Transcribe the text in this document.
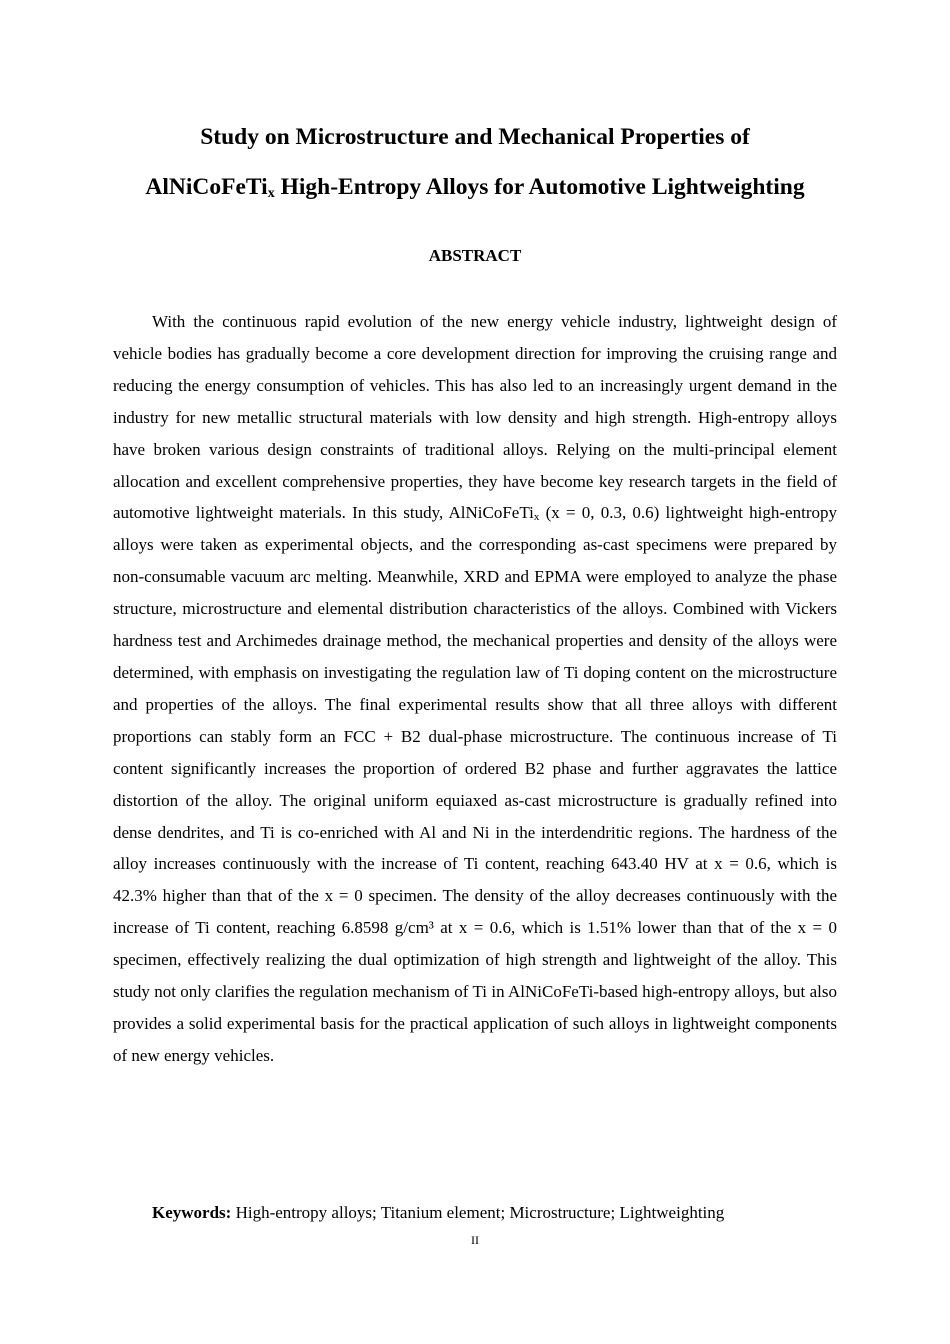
Study on Microstructure and Mechanical Properties of
AlNiCoFeTi$_x$ High-Entropy Alloys for Automotive Lightweighting
ABSTRACT

With the continuous rapid evolution of the new energy vehicle industry, lightweight design of vehicle bodies has gradually become a core development direction for improving the cruising range and reducing the energy consumption of vehicles. This has also led to an increasingly urgent demand in the industry for new metallic structural materials with low density and high strength. High-entropy alloys have broken various design constraints of traditional alloys. Relying on the multi-principal element allocation and excellent comprehensive properties, they have become key research targets in the field of automotive lightweight materials. In this study, AlNiCoFeTi$_x$ (x = 0, 0.3, 0.6) lightweight high-entropy alloys were taken as experimental objects, and the corresponding as-cast specimens were prepared by non-consumable vacuum arc melting. Meanwhile, XRD and EPMA were employed to analyze the phase structure, microstructure and elemental distribution characteristics of the alloys. Combined with Vickers hardness test and Archimedes drainage method, the mechanical properties and density of the alloys were determined, with emphasis on investigating the regulation law of Ti doping content on the microstructure and properties of the alloys. The final experimental results show that all three alloys with different proportions can stably form an FCC + B2 dual-phase microstructure. The continuous increase of Ti content significantly increases the proportion of ordered B2 phase and further aggravates the lattice distortion of the alloy. The original uniform equiaxed as-cast microstructure is gradually refined into dense dendrites, and Ti is co-enriched with Al and Ni in the interdendritic regions. The hardness of the alloy increases continuously with the increase of Ti content, reaching 643.40 HV at x = 0.6, which is 42.3% higher than that of the x = 0 specimen. The density of the alloy decreases continuously with the increase of Ti content, reaching 6.8598 g/cm³ at x = 0.6, which is 1.51% lower than that of the x = 0 specimen, effectively realizing the dual optimization of high strength and lightweight of the alloy. This study not only clarifies the regulation mechanism of Ti in AlNiCoFeTi-based high-entropy alloys, but also provides a solid experimental basis for the practical application of such alloys in lightweight components of new energy vehicles.

Keywords: High-entropy alloys; Titanium element; Microstructure; Lightweighting

II
